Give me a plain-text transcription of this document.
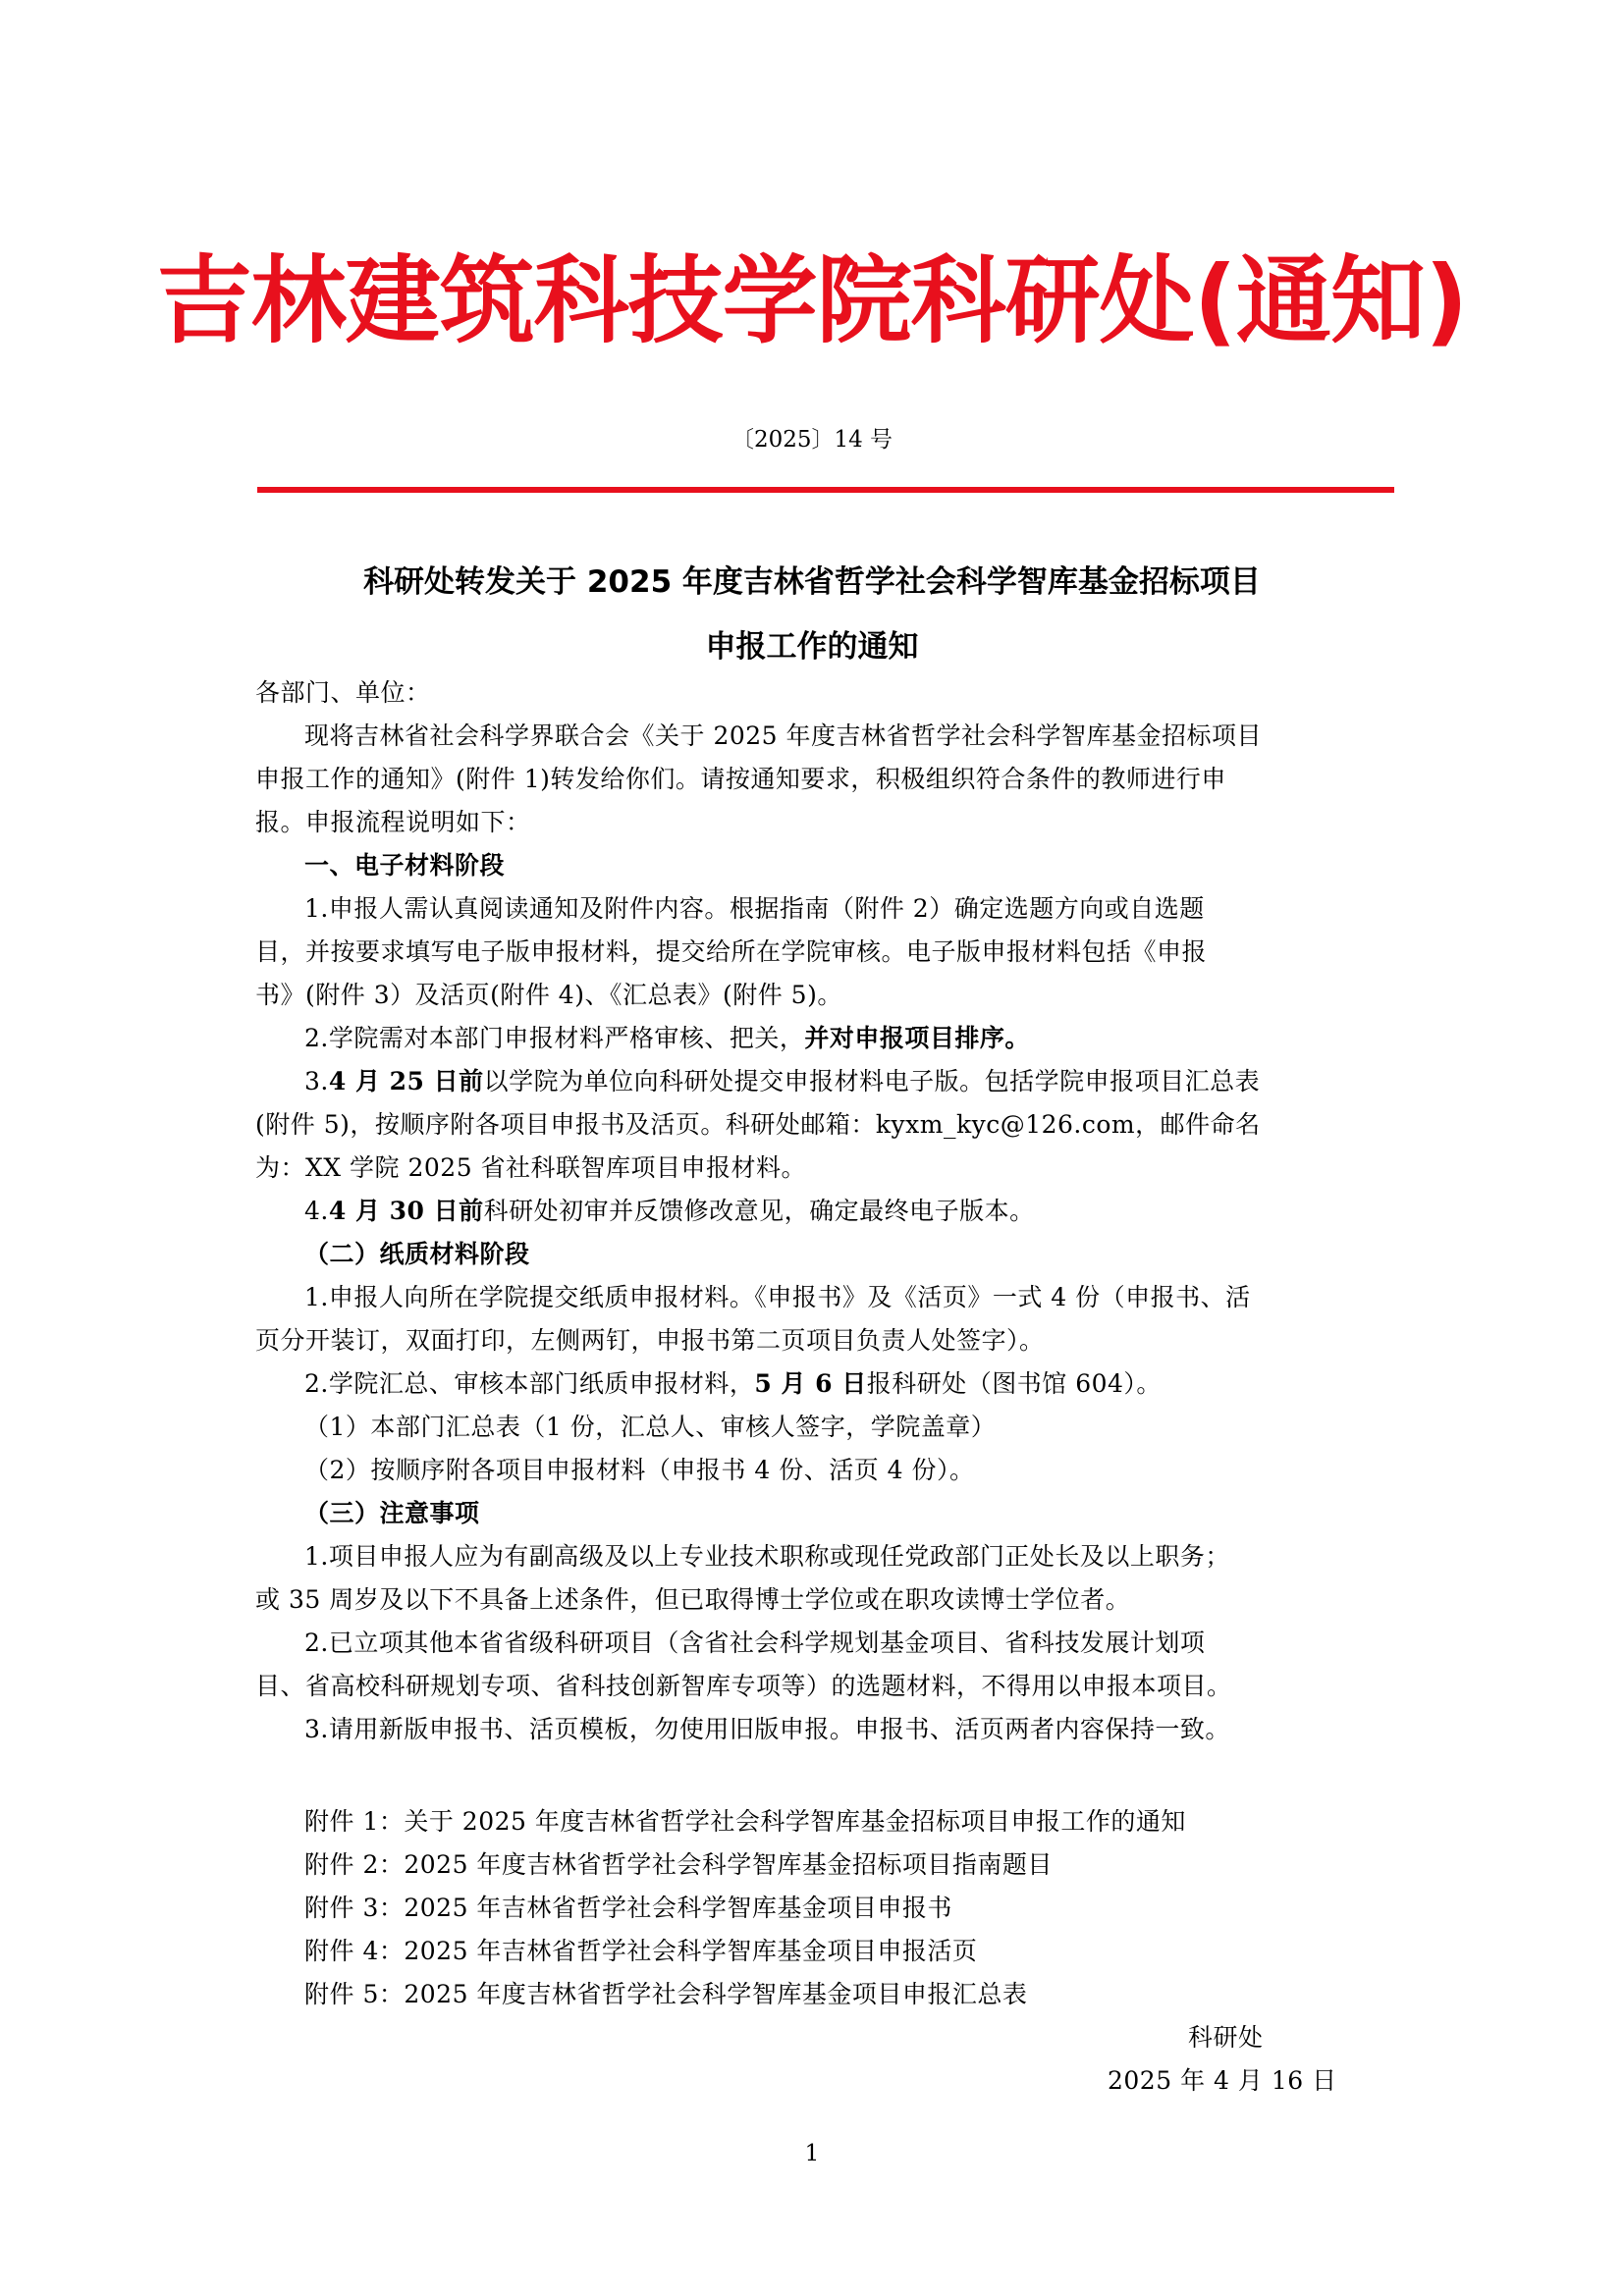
吉林建筑科技学院科研处(通知)
〔2025〕14 号
科研处转发关于 2025 年度吉林省哲学社会科学智库基金招标项目
申报工作的通知
各部门、单位：
现将吉林省社会科学界联合会《关于 2025 年度吉林省哲学社会科学智库基金招标项目
申报工作的通知》(附件 1)转发给你们。请按通知要求，积极组织符合条件的教师进行申
报。申报流程说明如下：
一、电子材料阶段
1.申报人需认真阅读通知及附件内容。根据指南（附件 2）确定选题方向或自选题
目，并按要求填写电子版申报材料，提交给所在学院审核。电子版申报材料包括《申报
书》(附件 3）及活页(附件 4)、《汇总表》(附件 5)。
2.学院需对本部门申报材料严格审核、把关，并对申报项目排序。
3.4 月 25 日前以学院为单位向科研处提交申报材料电子版。包括学院申报项目汇总表
(附件 5)，按顺序附各项目申报书及活页。科研处邮箱：kyxm_kyc@126.com，邮件命名
为：XX 学院 2025 省社科联智库项目申报材料。
4.4 月 30 日前科研处初审并反馈修改意见，确定最终电子版本。
（二）纸质材料阶段
1.申报人向所在学院提交纸质申报材料。《申报书》及《活页》一式 4 份（申报书、活
页分开装订，双面打印，左侧两钉，申报书第二页项目负责人处签字）。
2.学院汇总、审核本部门纸质申报材料，5 月 6 日报科研处（图书馆 604）。
（1）本部门汇总表（1 份，汇总人、审核人签字，学院盖章）
（2）按顺序附各项目申报材料（申报书 4 份、活页 4 份）。
（三）注意事项
1.项目申报人应为有副高级及以上专业技术职称或现任党政部门正处长及以上职务；
或 35 周岁及以下不具备上述条件，但已取得博士学位或在职攻读博士学位者。
2.已立项其他本省省级科研项目（含省社会科学规划基金项目、省科技发展计划项
目、省高校科研规划专项、省科技创新智库专项等）的选题材料，不得用以申报本项目。
3.请用新版申报书、活页模板，勿使用旧版申报。申报书、活页两者内容保持一致。
附件 1：关于 2025 年度吉林省哲学社会科学智库基金招标项目申报工作的通知
附件 2：2025 年度吉林省哲学社会科学智库基金招标项目指南题目
附件 3：2025 年吉林省哲学社会科学智库基金项目申报书
附件 4：2025 年吉林省哲学社会科学智库基金项目申报活页
附件 5：2025 年度吉林省哲学社会科学智库基金项目申报汇总表
科研处
2025 年 4 月 16 日
1
